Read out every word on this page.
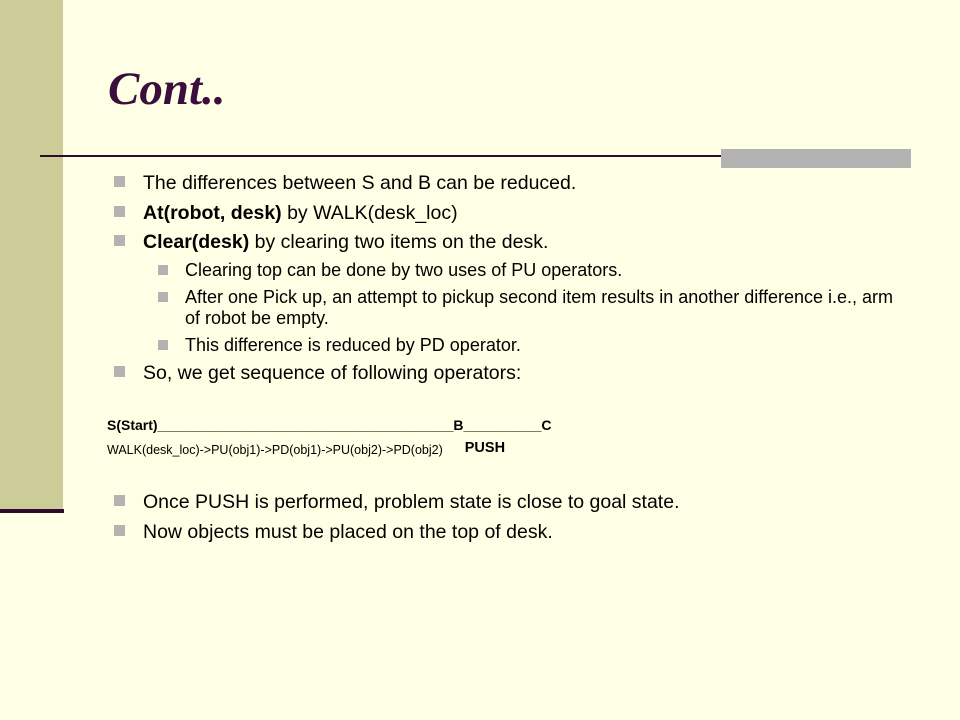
Cont..
The differences between S and B can be reduced.
At(robot, desk) by WALK(desk_loc)
Clear(desk) by clearing two items on the desk.
Clearing top can be done by two uses of PU operators.
After one Pick up, an attempt to pickup second item results in another difference i.e., arm of robot be empty.
This difference is reduced by PD operator.
So, we get sequence of following operators:
S(Start)______________________________________B__________C
WALK(desk_loc)->PU(obj1)->PD(obj1)->PU(obj2)->PD(obj2) PUSH
Once PUSH is performed, problem state is close to goal state.
Now objects must be placed on the top of desk.
